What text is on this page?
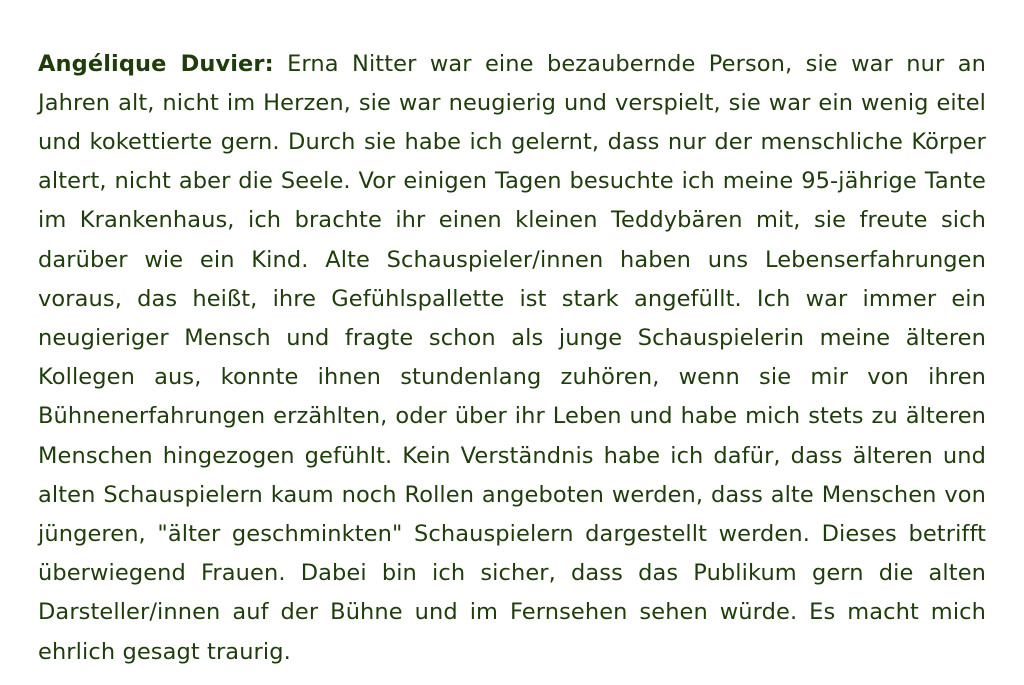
Angélique Duvier: Erna Nitter war eine bezaubernde Person, sie war nur an Jahren alt, nicht im Herzen, sie war neugierig und verspielt, sie war ein wenig eitel und kokettierte gern. Durch sie habe ich gelernt, dass nur der menschliche Körper altert, nicht aber die Seele. Vor einigen Tagen besuchte ich meine 95-jährige Tante im Krankenhaus, ich brachte ihr einen kleinen Teddybären mit, sie freute sich darüber wie ein Kind. Alte Schauspieler/innen haben uns Lebenserfahrungen voraus, das heißt, ihre Gefühlspallette ist stark angefüllt. Ich war immer ein neugieriger Mensch und fragte schon als junge Schauspielerin meine älteren Kollegen aus, konnte ihnen stundenlang zuhören, wenn sie mir von ihren Bühnenerfahrungen erzählten, oder über ihr Leben und habe mich stets zu älteren Menschen hingezogen gefühlt. Kein Verständnis habe ich dafür, dass älteren und alten Schauspielern kaum noch Rollen angeboten werden, dass alte Menschen von jüngeren, "älter geschminkten" Schauspielern dargestellt werden. Dieses betrifft überwiegend Frauen. Dabei bin ich sicher, dass das Publikum gern die alten Darsteller/innen auf der Bühne und im Fernsehen sehen würde. Es macht mich ehrlich gesagt traurig.
